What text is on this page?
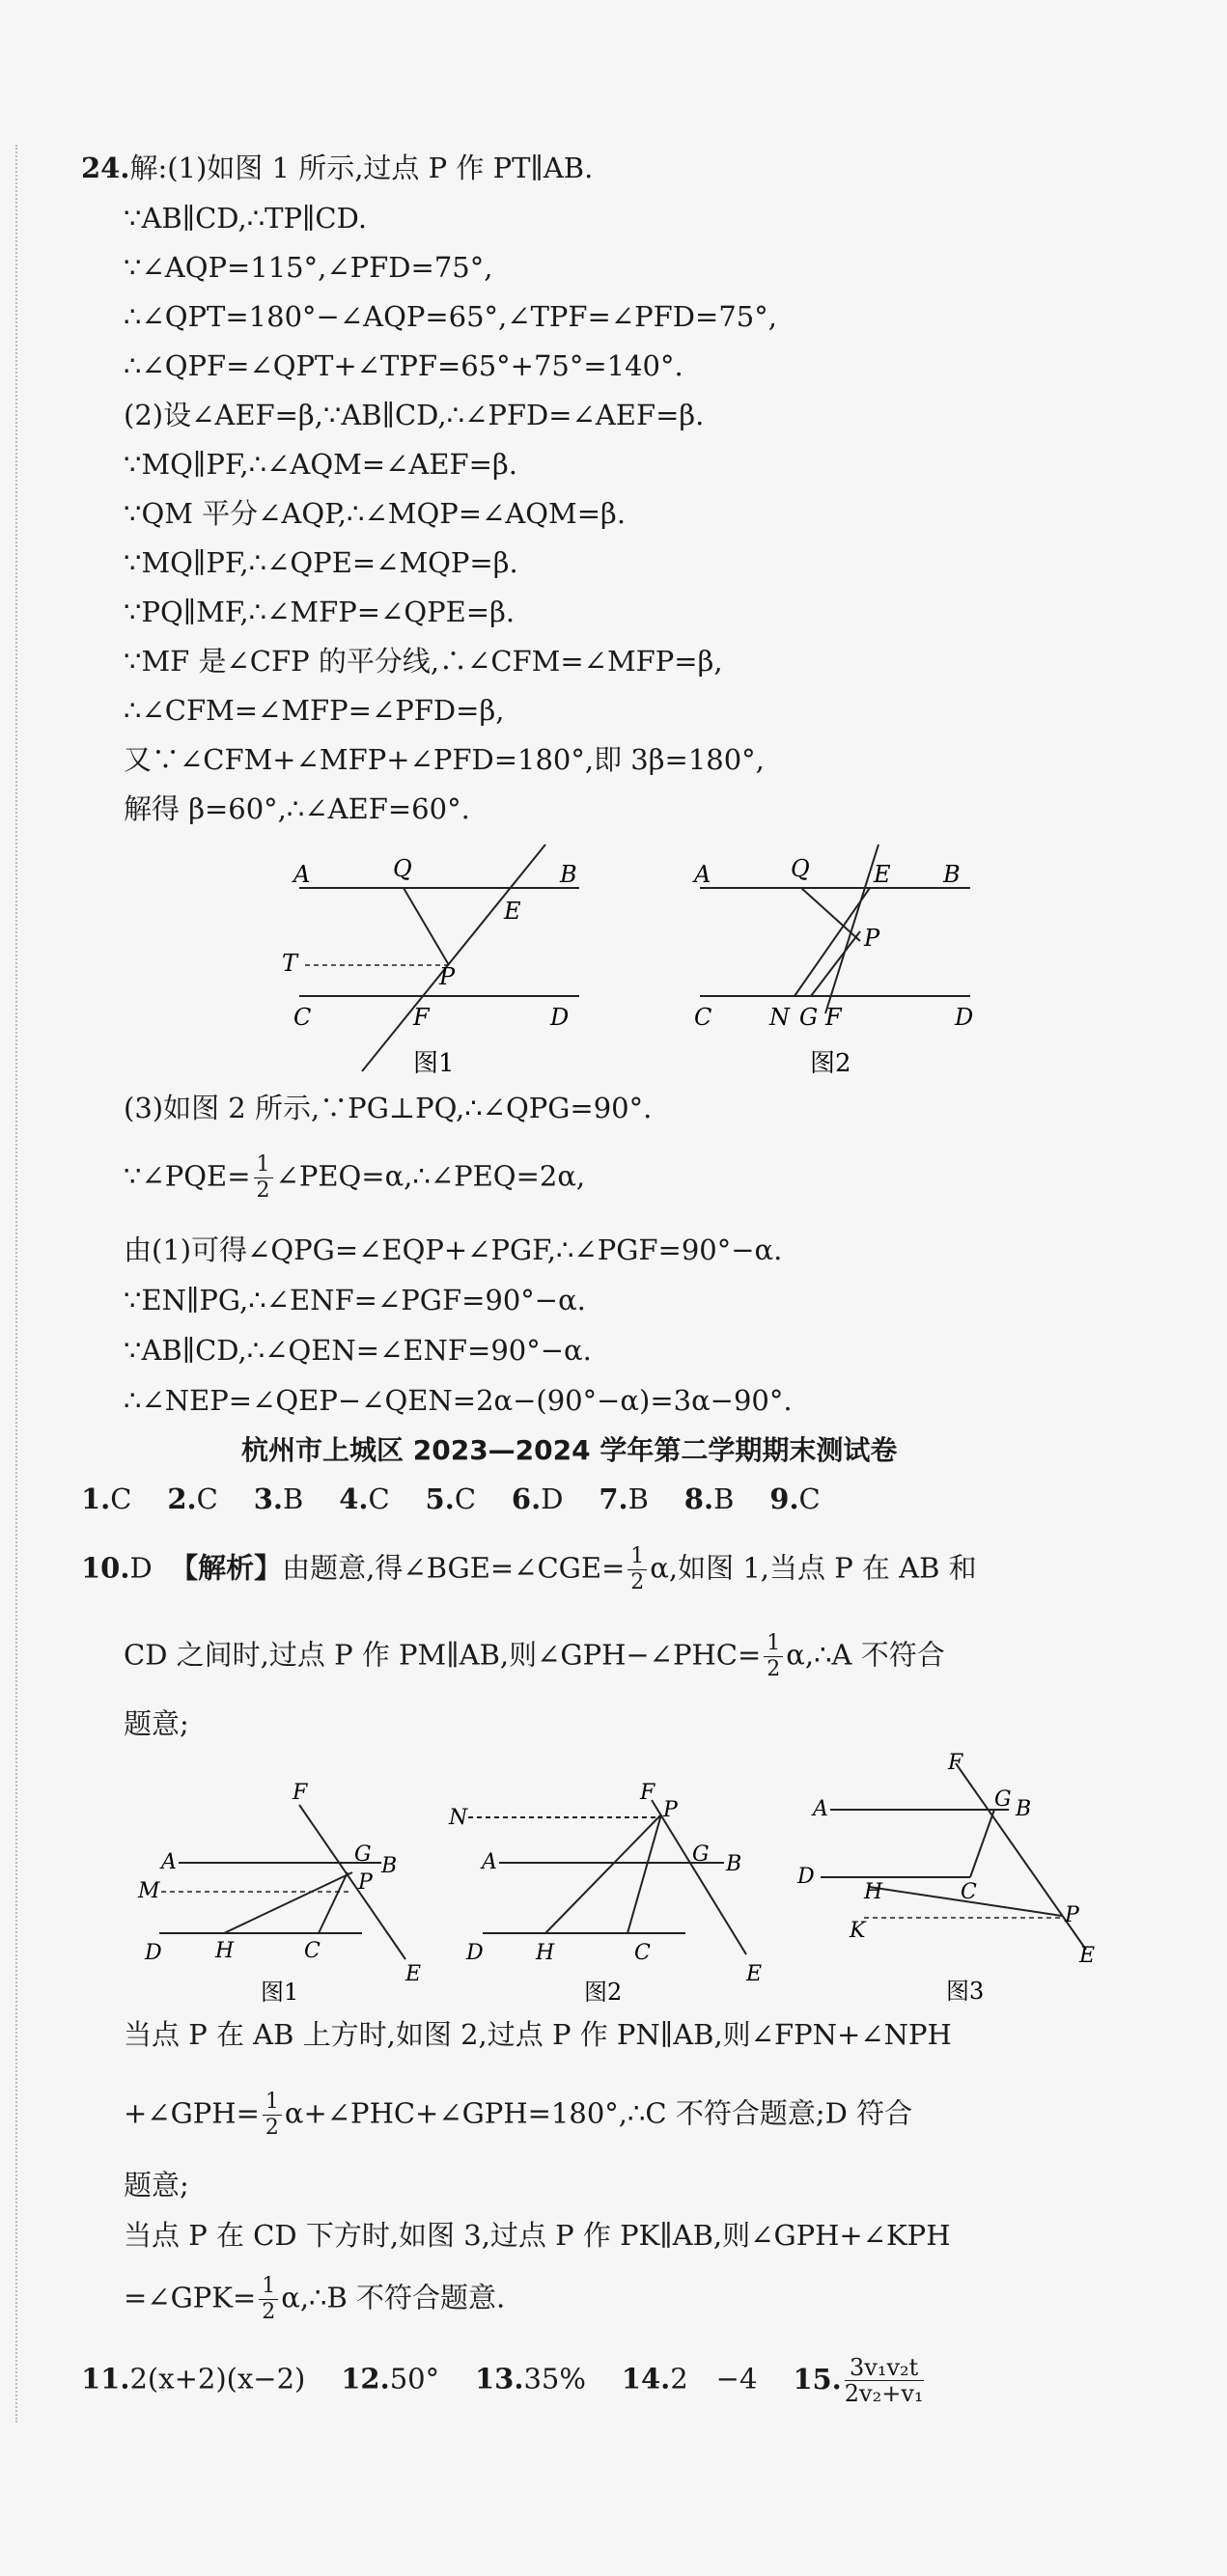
24.解:(1)如图 1 所示,过点 P 作 PT∥AB.
∵AB∥CD,∴TP∥CD.
∵∠AQP=115°,∠PFD=75°,
∴∠QPT=180°−∠AQP=65°,∠TPF=∠PFD=75°,
∴∠QPF=∠QPT+∠TPF=65°+75°=140°.
(2)设∠AEF=β,∵AB∥CD,∴∠PFD=∠AEF=β.
∵MQ∥PF,∴∠AQM=∠AEF=β.
∵QM 平分∠AQP,∴∠MQP=∠AQM=β.
∵MQ∥PF,∴∠QPE=∠MQP=β.
∵PQ∥MF,∴∠MFP=∠QPE=β.
∵MF 是∠CFP 的平分线,∴∠CFM=∠MFP=β,
∴∠CFM=∠MFP=∠PFD=β,
又∵∠CFM+∠MFP+∠PFD=180°,即 3β=180°,
解得 β=60°,∴∠AEF=60°.
A	Q	B
E
T	P
C	F	D
图1
A	Q	E B
P
C N G F	D
图2
(3)如图 2 所示,∵PG⊥PQ,∴∠QPG=90°.
∵∠PQE= $\frac{1}{2}$ ∠PEQ=α,∴∠PEQ=2α,
由(1)可得∠QPG=∠EQP+∠PGF,∴∠PGF=90°−α.
∵EN∥PG,∴∠ENF=∠PGF=90°−α.
∵AB∥CD,∴∠QEN=∠ENF=90°−α.
∴∠NEP=∠QEP−∠QEN=2α−(90°−α)=3α−90°.
杭州市上城区 2023—2024 学年第二学期期末测试卷
1.C 2.C 3.B 4.C 5.C 6.D 7.B 8.B 9.C
10.D 【解析】由题意,得∠BGE=∠CGE= $\frac{1}{2} \alpha$,如图 1,当点 P 在 AB 和
CD 之间时,过点 P 作 PM∥AB,则∠GPH−∠PHC= $\frac{1}{2}$ α,∴A 不符合
题意;
F
A	G B
M	P
D	H	C
E
图1
N
F
P
A	G B
D H	C
E
图2
F
A	G B
D
C
H
P
K
E
图3
当点 P 在 AB 上方时,如图 2,过点 P 作 PN∥AB,则∠FPN+∠NPH
+∠GPH= $\frac{1}{2}$ α+∠PHC+∠GPH=180°,∴C 不符合题意;D 符合
题意;
当点 P 在 CD 下方时,如图 3,过点 P 作 PK∥AB,则∠GPH+∠KPH
=∠GPK= $\frac{1}{2}$ α,∴B 不符合题意.
11.2(x+2)(x−2) 12.50° 13.35% 14.2　−4 15. $\frac{\text{3v₁v₂t}}{\text{2v₂+v₁}}$
